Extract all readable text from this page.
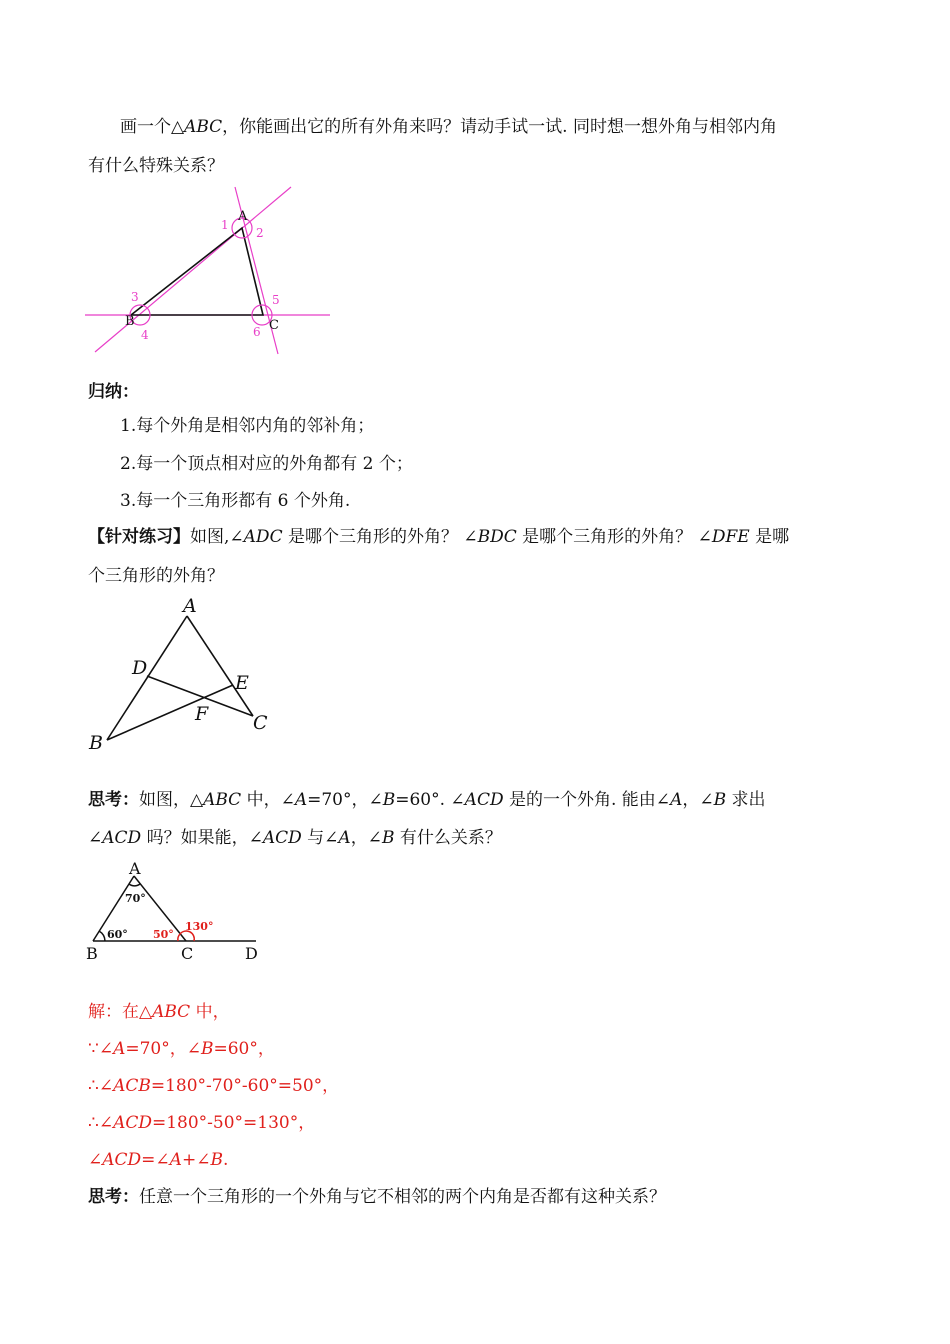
画一个△ABC，你能画出它的所有外角来吗？请动手试一试. 同时想一想外角与相邻内角
有什么特殊关系？
A
B	C
1
2
3
4
5
6
归纳：
1.每个外角是相邻内角的邻补角；
2.每一个顶点相对应的外角都有 2 个；
3.每一个三角形都有 6 个外角.
【针对练习】如图,∠ADC 是哪个三角形的外角？ ∠BDC 是哪个三角形的外角？ ∠DFE 是哪
个三角形的外角？
A
D
E
F
B
C
思考：如图，△ABC 中，∠A=70°，∠B=60°. ∠ACD 是的一个外角. 能由∠A，∠B 求出
∠ACD 吗？如果能，∠ACD 与∠A，∠B 有什么关系？
A
B	C	D
70°
60° 50°
130°
解：在△ABC 中，
∵∠A=70°，∠B=60°，
∴∠ACB=180°-70°-60°=50°，
∴∠ACD=180°-50°=130°，
∠ACD=∠A+∠B.
思考：任意一个三角形的一个外角与它不相邻的两个内角是否都有这种关系？
